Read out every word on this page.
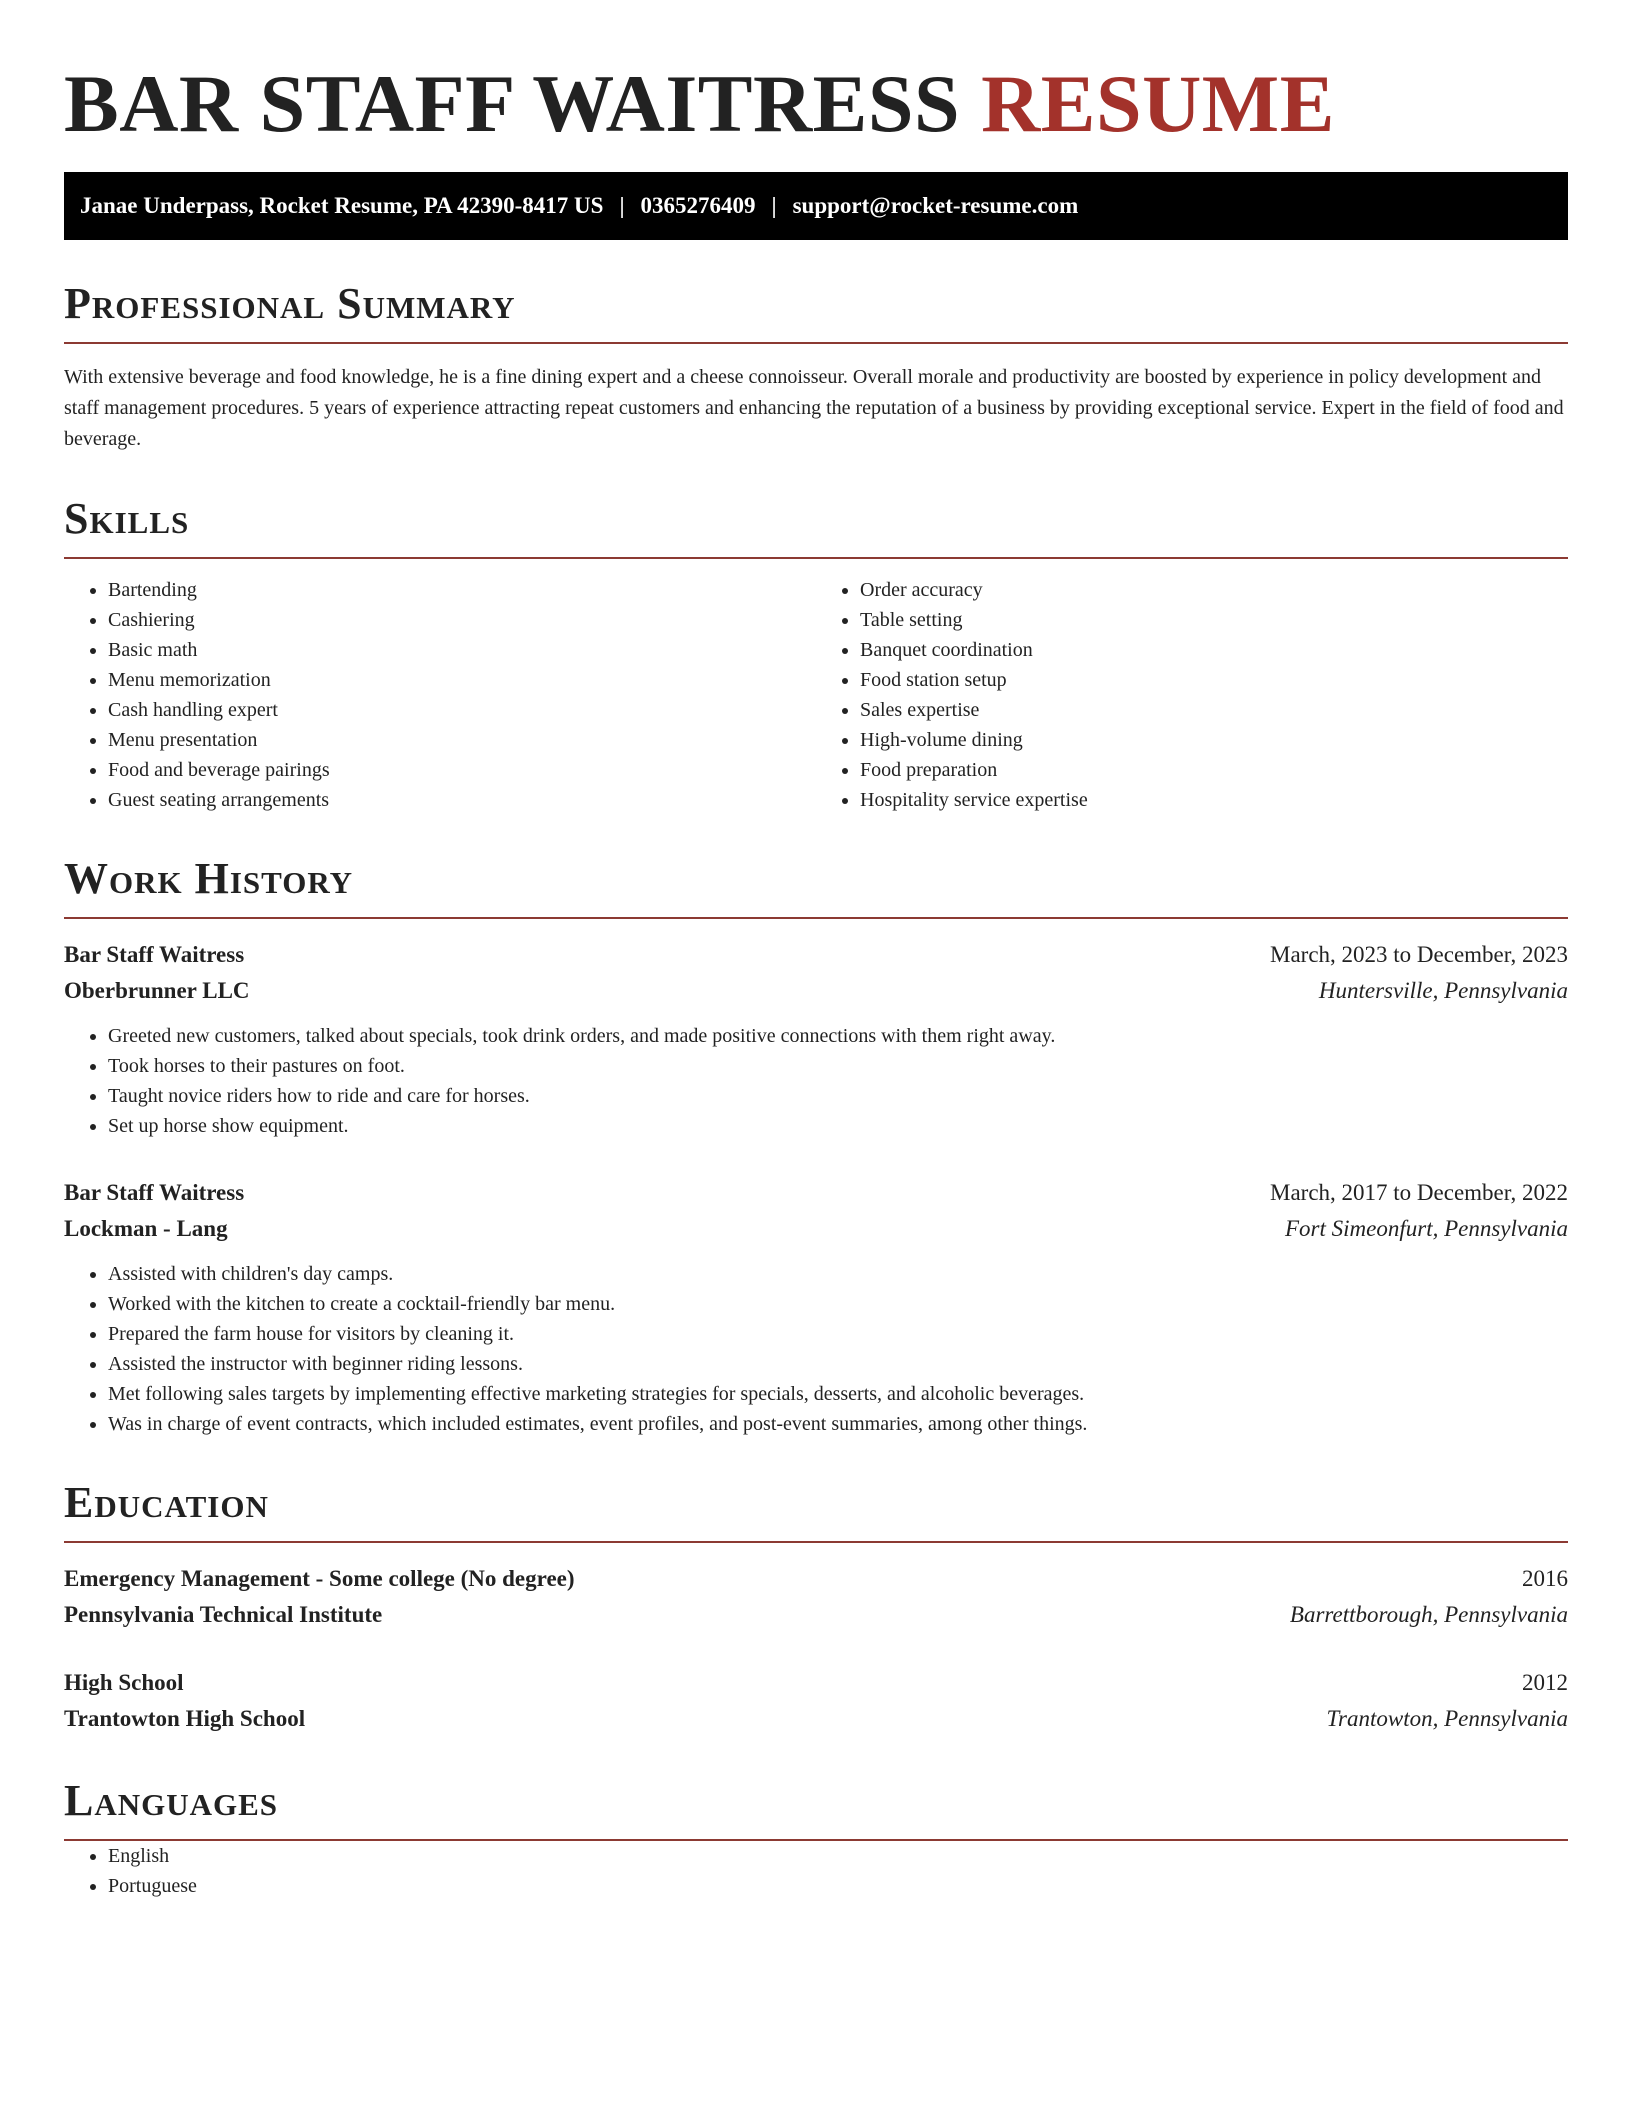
BAR STAFF WAITRESS RESUME
Janae Underpass, Rocket Resume, PA 42390-8417 US | 0365276409 | support@rocket-resume.com
Professional Summary

With extensive beverage and food knowledge, he is a fine dining expert and a cheese connoisseur. Overall morale and productivity are boosted by experience in policy development and staff management procedures. 5 years of experience attracting repeat customers and enhancing the reputation of a business by providing exceptional service. Expert in the field of food and beverage.

Skills
• Bartending
• Cashiering
• Basic math
• Menu memorization
• Cash handling expert
• Menu presentation
• Food and beverage pairings
• Guest seating arrangements
• Order accuracy
• Table setting
• Banquet coordination
• Food station setup
• Sales expertise
• High-volume dining
• Food preparation
• Hospitality service expertise
Work History
Bar Staff Waitress	March, 2023 to December, 2023
Oberbrunner LLC	Huntersville, Pennsylvania
• Greeted new customers, talked about specials, took drink orders, and made positive connections with them right away.
• Took horses to their pastures on foot.
• Taught novice riders how to ride and care for horses.
• Set up horse show equipment.
Bar Staff Waitress	March, 2017 to December, 2022
Lockman - Lang	Fort Simeonfurt, Pennsylvania
• Assisted with children's day camps.
• Worked with the kitchen to create a cocktail-friendly bar menu.
• Prepared the farm house for visitors by cleaning it.
• Assisted the instructor with beginner riding lessons.
• Met following sales targets by implementing effective marketing strategies for specials, desserts, and alcoholic beverages.
• Was in charge of event contracts, which included estimates, event profiles, and post-event summaries, among other things.
Education
Emergency Management - Some college (No degree)	2016
Pennsylvania Technical Institute	Barrettborough, Pennsylvania
High School	2012
Trantowton High School	Trantowton, Pennsylvania
Languages
• English
• Portuguese
